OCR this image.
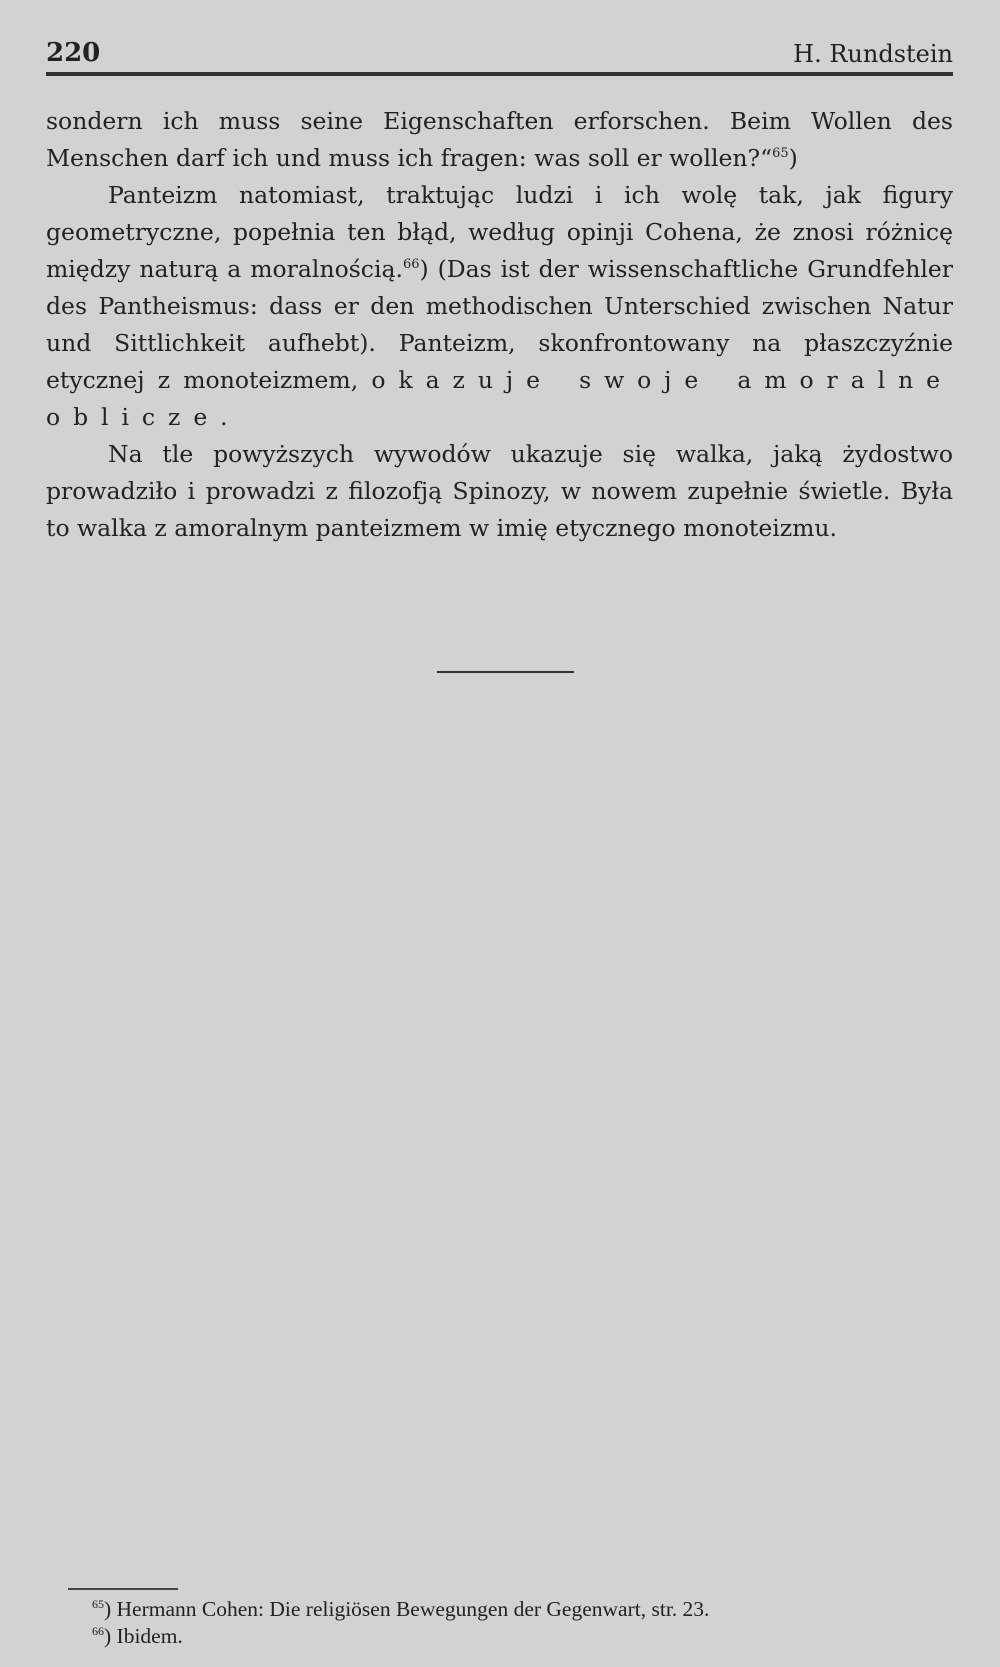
220	H. Rundstein

sondern ich muss seine Eigenschaften erforschen. Beim Wollen des Menschen darf ich und muss ich fragen: was soll er wollen?“$^{65}$)

Panteizm natomiast, traktując ludzi i ich wolę tak, jak figury geometryczne, popełnia ten błąd, według opinji Cohena, że znosi różnicę między naturą a moralnością.$^{66}$) (Das ist der wissenschaftliche Grundfehler des Pantheismus: dass er den methodischen Unterschied zwischen Natur und Sittlichkeit aufhebt). Panteizm, skonfrontowany na płaszczyźnie etycznej z monoteizmem, okazuje swoje amoralne oblicze.

Na tle powyższych wywodów ukazuje się walka, jaką żydostwo prowadziło i prowadzi z filozofją Spinozy, w nowem zupełnie świetle. Była to walka z amoralnym panteizmem w imię etycznego monoteizmu.

$^{65}$) Hermann Cohen: Die religiösen Bewegungen der Gegenwart, str. 23.
$^{66}$) Ibidem.
